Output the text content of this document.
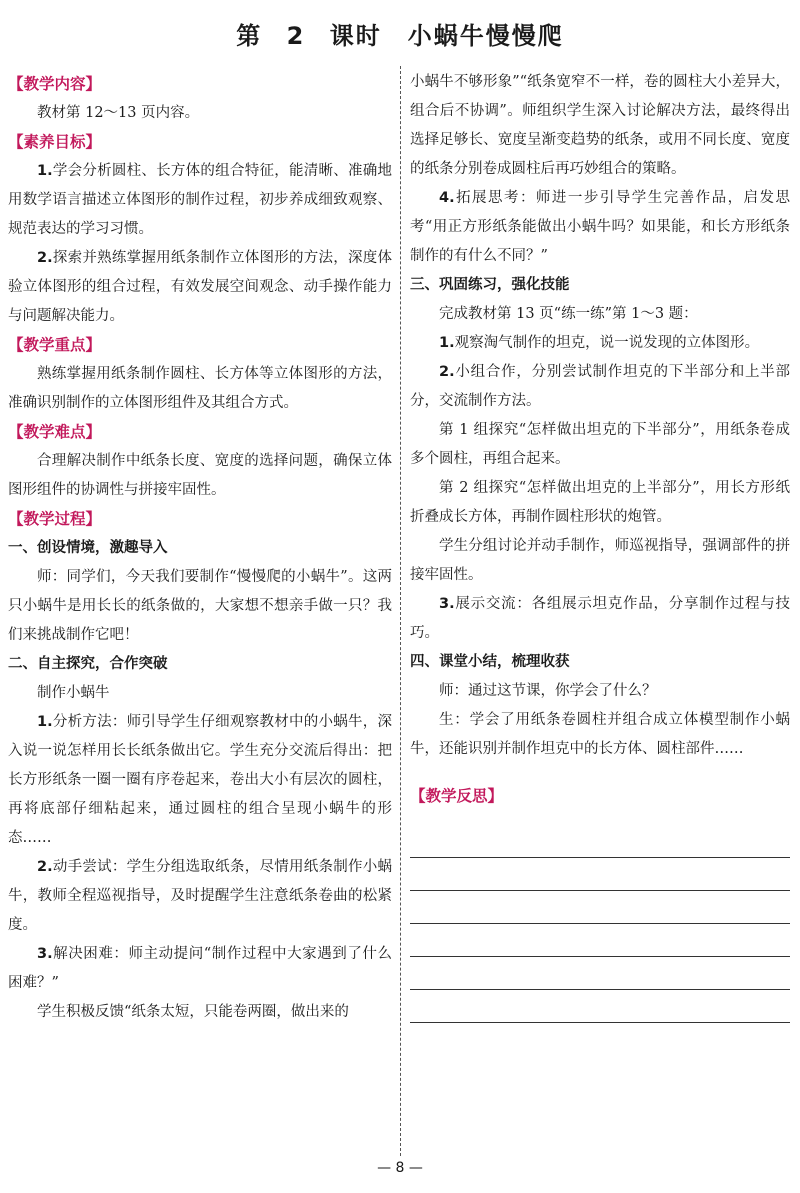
第 2 课时　小蜗牛慢慢爬

【教学内容】

教材第 12～13 页内容。

【素养目标】

1.学会分析圆柱、长方体的组合特征，能清晰、准确地用数学语言描述立体图形的制作过程，初步养成细致观察、规范表达的学习习惯。

2.探索并熟练掌握用纸条制作立体图形的方法，深度体验立体图形的组合过程，有效发展空间观念、动手操作能力与问题解决能力。

【教学重点】

熟练掌握用纸条制作圆柱、长方体等立体图形的方法，准确识别制作的立体图形组件及其组合方式。

【教学难点】

合理解决制作中纸条长度、宽度的选择问题，确保立体图形组件的协调性与拼接牢固性。

【教学过程】

一、创设情境，激趣导入

师：同学们，今天我们要制作“慢慢爬的小蜗牛”。这两只小蜗牛是用长长的纸条做的，大家想不想亲手做一只？我们来挑战制作它吧！

二、自主探究，合作突破

制作小蜗牛

1.分析方法：师引导学生仔细观察教材中的小蜗牛，深入说一说怎样用长长纸条做出它。学生充分交流后得出：把长方形纸条一圈一圈有序卷起来，卷出大小有层次的圆柱，再将底部仔细粘起来，通过圆柱的组合呈现小蜗牛的形态……

2.动手尝试：学生分组选取纸条，尽情用纸条制作小蜗牛，教师全程巡视指导，及时提醒学生注意纸条卷曲的松紧度。

3.解决困难：师主动提问“制作过程中大家遇到了什么困难？”

学生积极反馈“纸条太短，只能卷两圈，做出来的

小蜗牛不够形象”“纸条宽窄不一样，卷的圆柱大小差异大，组合后不协调”。师组织学生深入讨论解决方法，最终得出选择足够长、宽度呈渐变趋势的纸条，或用不同长度、宽度的纸条分别卷成圆柱后再巧妙组合的策略。

4.拓展思考：师进一步引导学生完善作品，启发思考“用正方形纸条能做出小蜗牛吗？如果能，和长方形纸条制作的有什么不同？”

三、巩固练习，强化技能

完成教材第 13 页“练一练”第 1～3 题：

1.观察淘气制作的坦克，说一说发现的立体图形。

2.小组合作，分别尝试制作坦克的下半部分和上半部分，交流制作方法。

第 1 组探究“怎样做出坦克的下半部分”，用纸条卷成多个圆柱，再组合起来。

第 2 组探究“怎样做出坦克的上半部分”，用长方形纸折叠成长方体，再制作圆柱形状的炮管。

学生分组讨论并动手制作，师巡视指导，强调部件的拼接牢固性。

3.展示交流：各组展示坦克作品，分享制作过程与技巧。

四、课堂小结，梳理收获

师：通过这节课，你学会了什么？

生：学会了用纸条卷圆柱并组合成立体模型制作小蜗牛，还能识别并制作坦克中的长方体、圆柱部件……

【教学反思】

— 8 —
